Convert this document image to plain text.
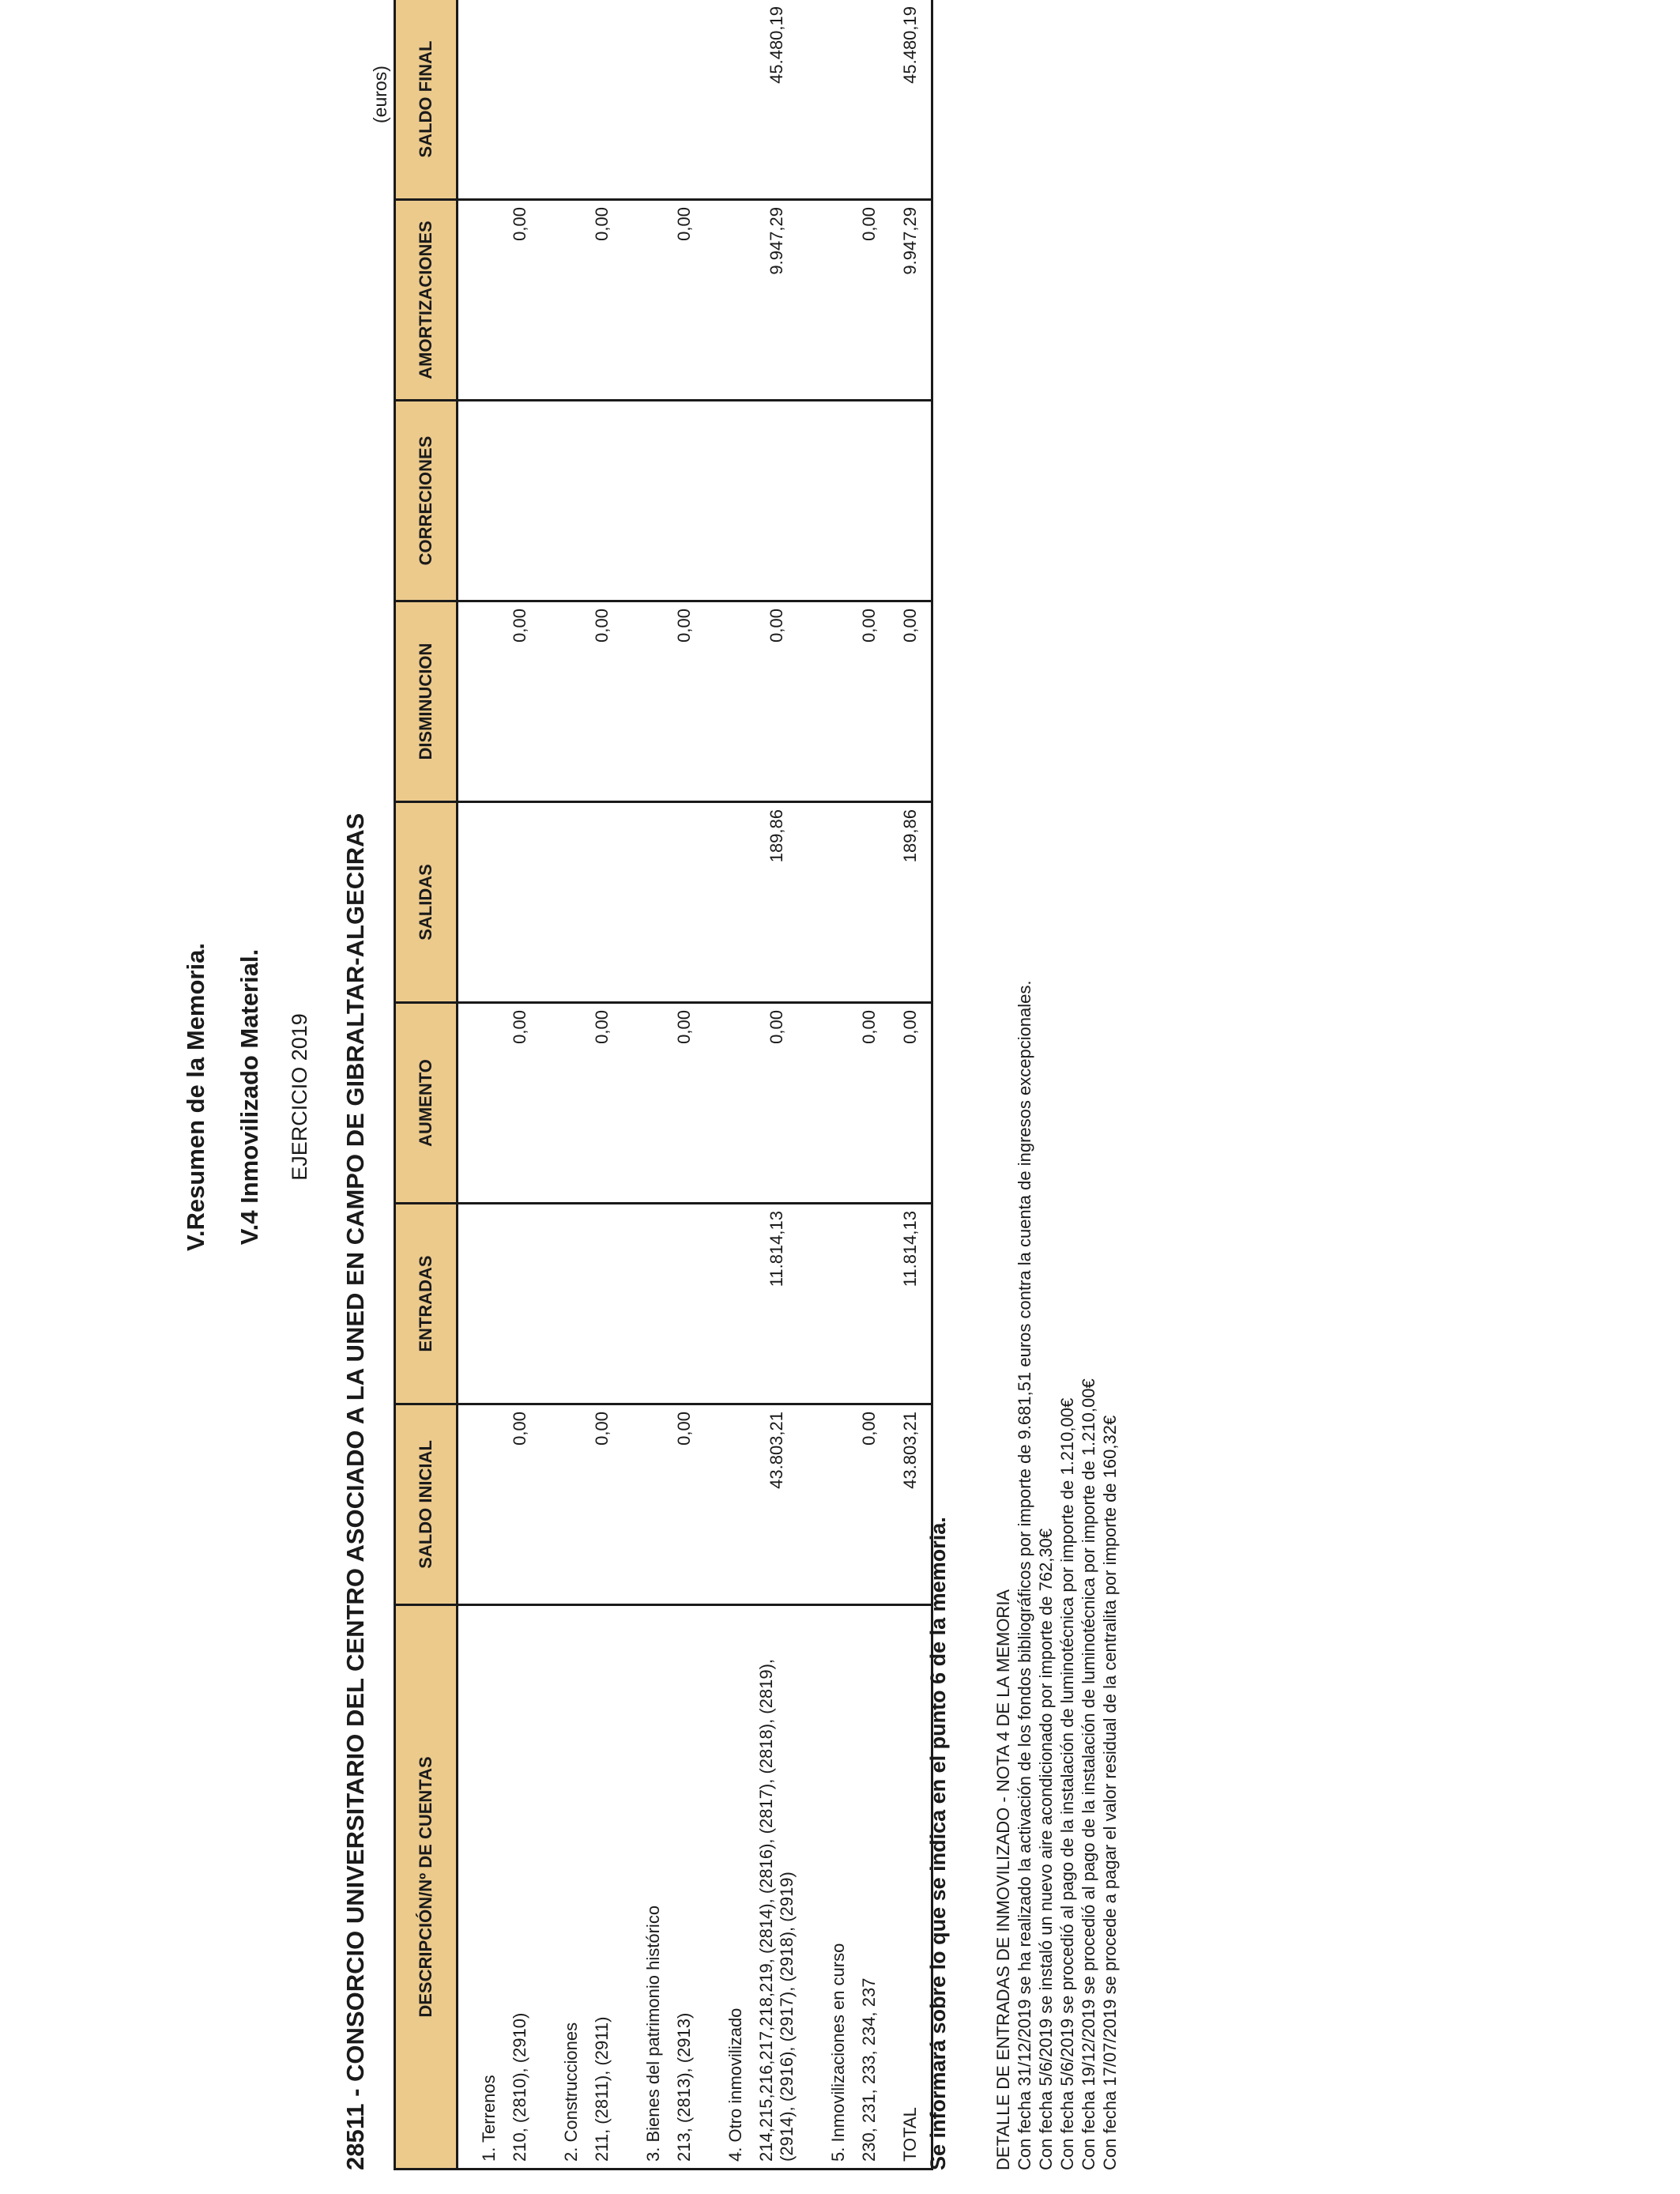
V.Resumen de la Memoria. V.4 Inmovilizado Material. EJERCICIO 2019 28511 - CONSORCIO UNIVERSITARIO DEL CENTRO ASOCIADO A LA UNED EN CAMPO DE GIBRALTAR-ALGECIRAS
(euros)
DESCRIPCIÓN/Nº DE CUENTAS	SALDO INICIAL	ENTRADAS	AUMENTO	SALIDAS	DISMINUCION	CORRECIONES	AMORTIZACIONES	SALDO FINAL
1. Terrenos								
210, (2810), (2910)	0,00		0,00		0,00		0,00	
2. Construcciones								
211, (2811), (2911)	0,00		0,00		0,00		0,00	
3. Bienes del patrimonio histórico								
213, (2813), (2913)	0,00		0,00		0,00		0,00	
4. Otro inmovilizado								
214,215,216,217,218,219, (2814), (2816), (2817), (2818), (2819), (2914), (2916), (2917), (2918), (2919)	43.803,21	11.814,13	0,00	189,86	0,00		9.947,29	45.480,19
5. Inmovilizaciones en curso								
230, 231, 233, 234, 237	0,00		0,00		0,00		0,00	
TOTAL	43.803,21	11.814,13	0,00	189,86	0,00		9.947,29	45.480,19
Se informará sobre lo que se indica en el punto 6 de la memoria.	DETALLE DE ENTRADAS DE INMOVILIZADO - NOTA 4 DE LA MEMORIA Con fecha 31/12/2019 se ha realizado la activación de los fondos bibliográficos por importe de 9.681,51 euros contra la cuenta de ingresos excepcionales. Con fecha 5/6/2019 se instaló un nuevo aire acondicionado por importe de 762,30€ Con fecha 5/6/2019 se procedió al pago de la instalación de luminotécnica por importe de 1.210,00€ Con fecha 19/12/2019 se procedió al pago de la instalación de luminotécnica por importe de 1.210,00€ Con fecha 17/07/2019 se procede a pagar el valor residual de la centralita por importe de 160,32€
